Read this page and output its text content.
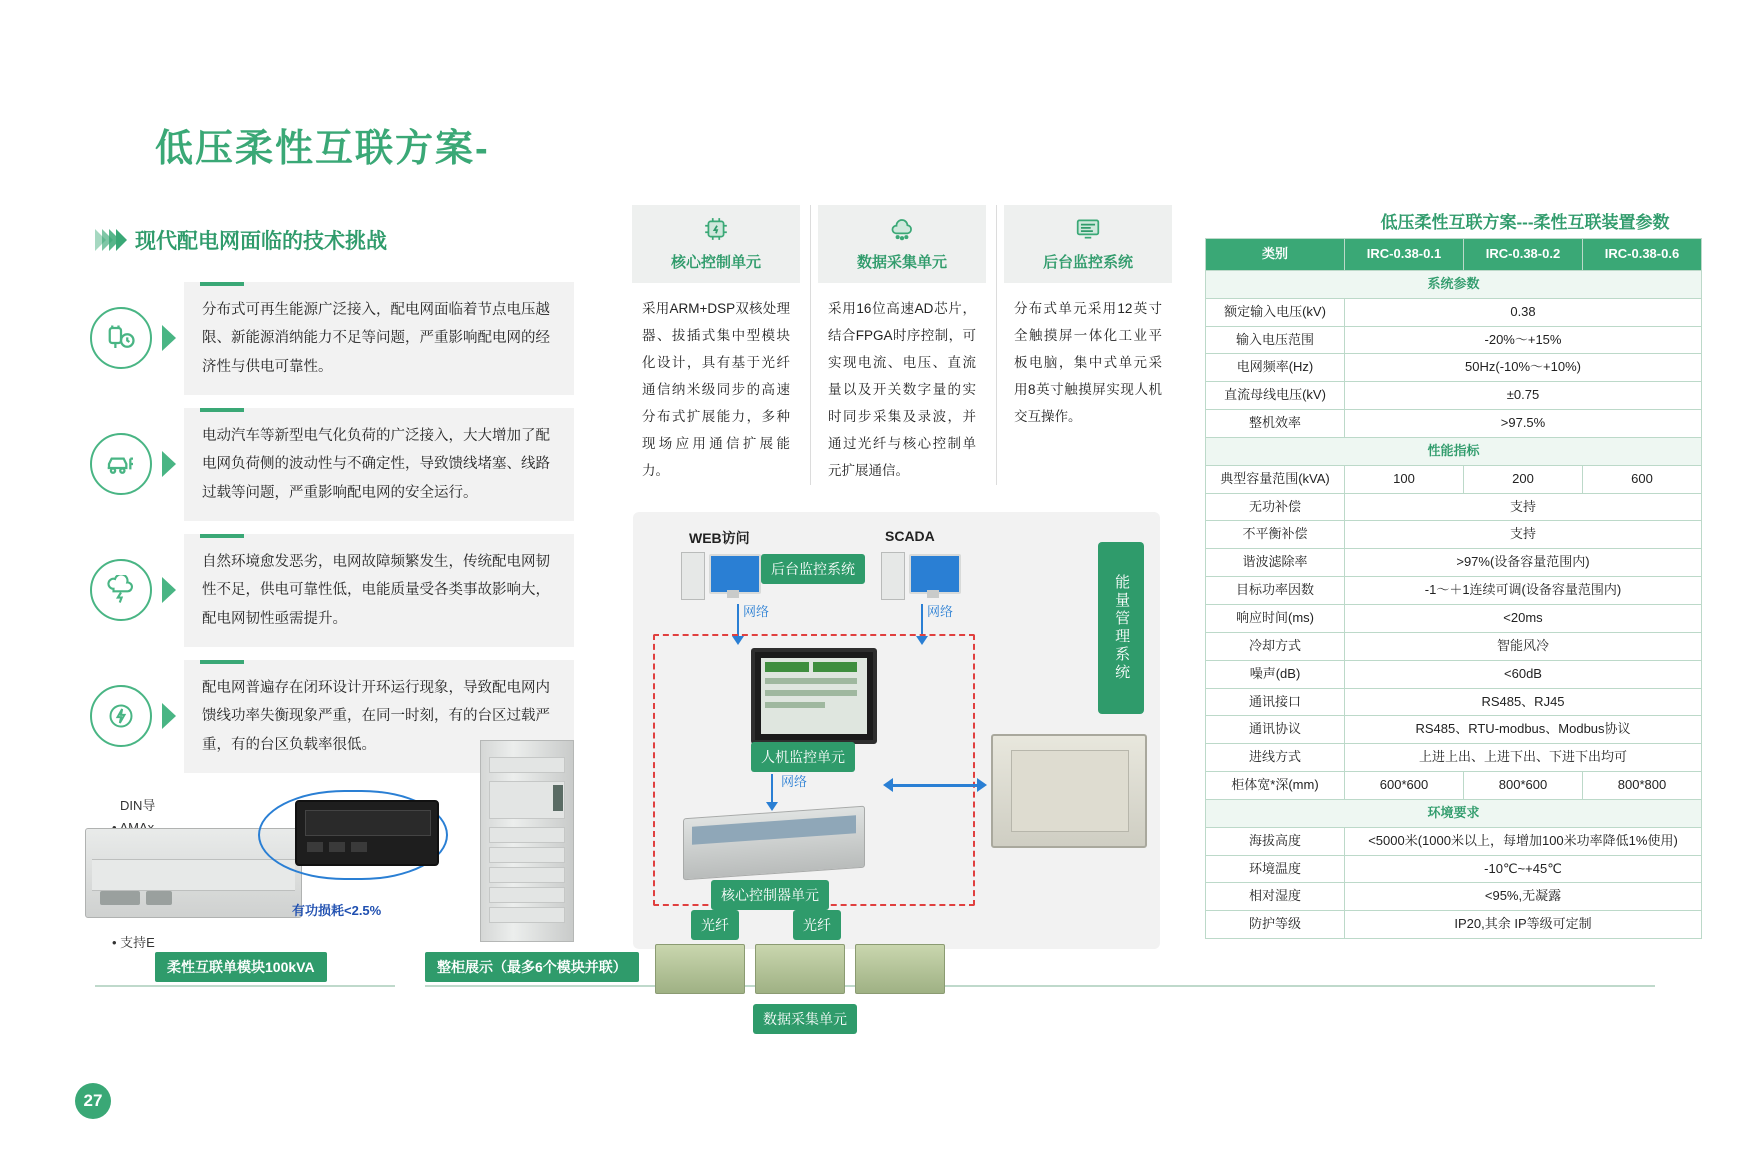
低压柔性互联方案-
现代配电网面临的技术挑战
分布式可再生能源广泛接入，配电网面临着节点电压越限、新能源消纳能力不足等问题，严重影响配电网的经济性与供电可靠性。
电动汽车等新型电气化负荷的广泛接入，大大增加了配电网负荷侧的波动性与不确定性，导致馈线堵塞、线路过载等问题，严重影响配电网的安全运行。
自然环境愈发恶劣，电网故障频繁发生，传统配电网韧性不足，供电可靠性低，电能质量受各类事故影响大，配电网韧性亟需提升。
配电网普遍存在闭环设计开环运行现象，导致配电网内馈线功率失衡现象严重，在同一时刻，有的台区过载严重，有的台区负载率很低。
DIN导
• 支持E
有功损耗<2.5%
柔性互联单模块100kVA	整柜展示（最多6个模块并联）
核心控制单元
采用ARM+DSP双核处理器、拔插式集中型模块化设计，具有基于光纤通信纳米级同步的高速分布式扩展能力，多种现场应用通信扩展能力。
数据采集单元
采用16位高速AD芯片，结合FPGA时序控制，可实现电流、电压、直流量以及开关数字量的实时同步采集及录波，并通过光纤与核心控制单元扩展通信。
后台监控系统
分布式单元采用12英寸全触摸屏一体化工业平板电脑，集中式单元采用8英寸触摸屏实现人机交互操作。
WEB访问	SCADA
后台监控系统
网络	网络
人机监控单元
网络
核心控制器单元
光纤	光纤
数据采集单元
能量管理系统
低压柔性互联方案---柔性互联装置参数
类别	IRC-0.38-0.1	IRC-0.38-0.2	IRC-0.38-0.6
系统参数			
额定输入电压(kV)	0.38		
输入电压范围	-20%～+15%		
电网频率(Hz)	50Hz(-10%～+10%)		
直流母线电压(kV)	±0.75		
整机效率	>97.5%		
性能指标			
典型容量范围(kVA)	100	200	600
无功补偿	支持		
不平衡补偿	支持		
谐波滤除率	>97%(设备容量范围内)		
目标功率因数	-1～＋1连续可调(设备容量范围内)		
响应时间(ms)	<20ms		
冷却方式	智能风冷		
噪声(dB)	<60dB		
通讯接口	RS485、RJ45		
通讯协议	RS485、RTU-modbus、Modbus协议		
进线方式	上进上出、上进下出、下进下出均可		
柜体宽*深(mm)	600*600	800*600	800*800
环境要求			
海拔高度	<5000米(1000米以上，每增加100米功率降低1%使用)		
环境温度	-10℃~+45℃		
相对湿度	<95%,无凝露		
防护等级	IP20,其余 IP等级可定制		
27
